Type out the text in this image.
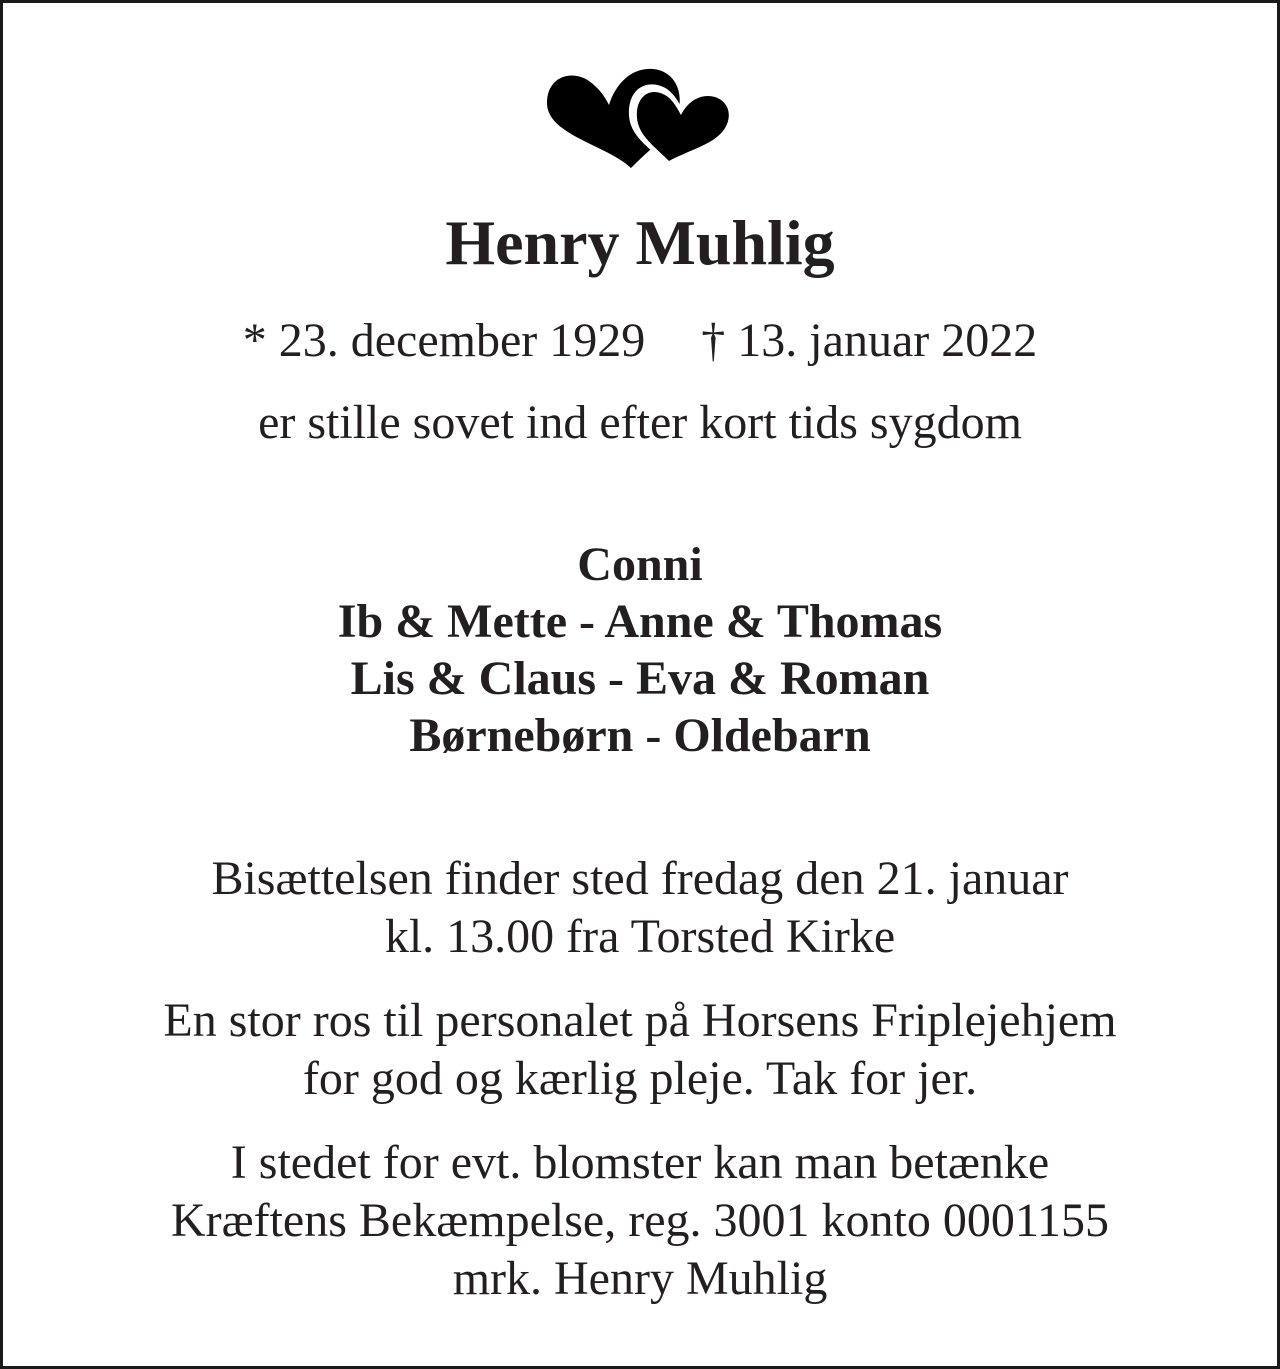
Henry Muhlig
* 23. december 1929 † 13. januar 2022
er stille sovet ind efter kort tids sygdom
Conni
Ib & Mette - Anne & Thomas
Lis & Claus - Eva & Roman
Børnebørn - Oldebarn
Bisættelsen finder sted fredag den 21. januar
kl. 13.00 fra Torsted Kirke
En stor ros til personalet på Horsens Friplejehjem
for god og kærlig pleje. Tak for jer.
I stedet for evt. blomster kan man betænke
Kræftens Bekæmpelse, reg. 3001 konto 0001155
mrk. Henry Muhlig
